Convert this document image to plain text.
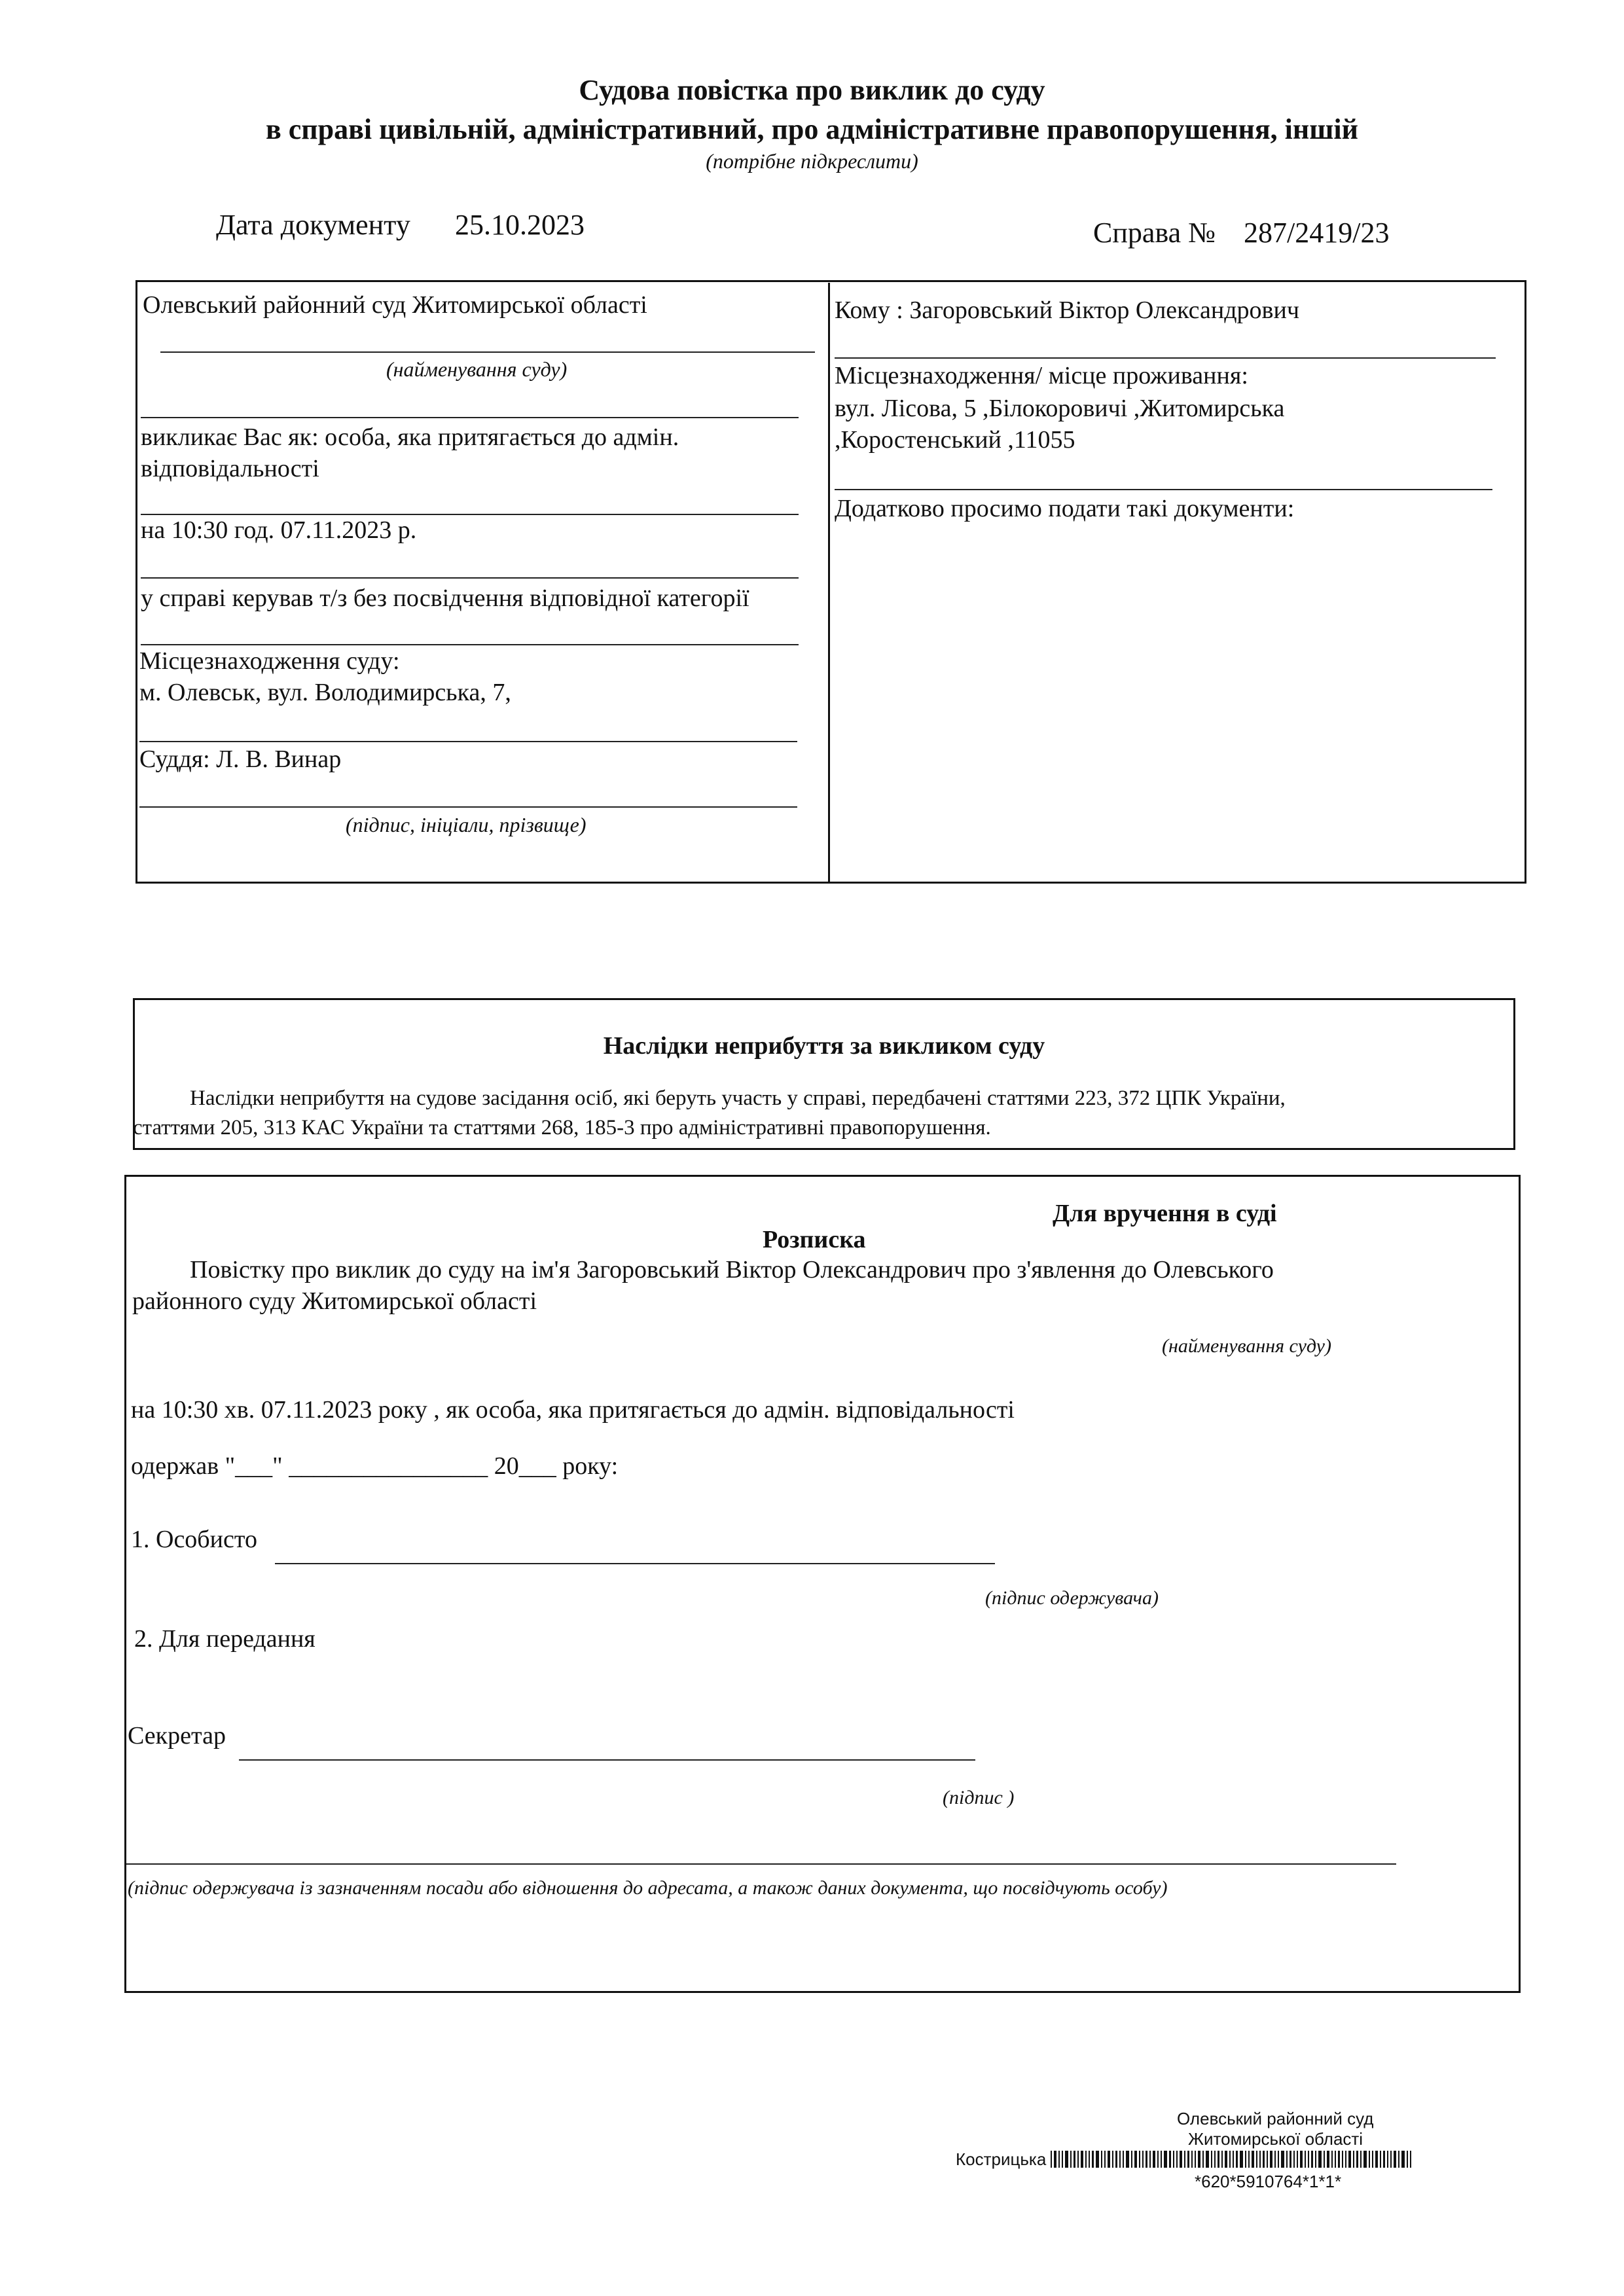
Судова повістка про виклик до суду
в справі цивільній, адміністративний, про адміністративне правопорушення, іншій
(потрібне підкреслити)
Дата документу 25.10.2023	Справа № 287/2419/23
Олевський районний суд Житомирської області
(найменування суду)
викликає Вас як: особа, яка притягається до адмін.
відповідальності
на 10:30 год. 07.11.2023 р.
у справі керував т/з без посвідчення відповідної категорії
Місцезнаходження суду:
м. Олевськ, вул. Володимирська, 7,
Суддя: Л. В. Винар
(підпис, ініціали, прізвище)
Кому : Загоровський Віктор Олександрович
Місцезнаходження/ місце проживання:
вул. Лісова, 5 ,Білокоровичі ,Житомирська
,Коростенський ,11055
Додатково просимо подати такі документи:
Наслідки неприбуття за викликом суду
Наслідки неприбуття на судове засідання осіб, які беруть участь у справі, передбачені статтями 223, 372 ЦПК України,
статтями 205, 313 КАС України та статтями 268, 185-3 про адміністративні правопорушення.
Для вручення в суді
Розписка
Повістку про виклик до суду на ім'я Загоровський Віктор Олександрович про з'явлення до Олевського
районного суду Житомирської області
(найменування суду)
на 10:30 хв. 07.11.2023 року , як особа, яка притягається до адмін. відповідальності
одержав "___" ________________ 20___ року:
1. Особисто
(підпис одержувача)
2. Для передання
Секретар
(підпис )
(підпис одержувача із зазначенням посади або відношення до адресата, а також даних документа, що посвідчують особу)
Олевський районний суд
Житомирської області
Кострицька
*620*5910764*1*1*
